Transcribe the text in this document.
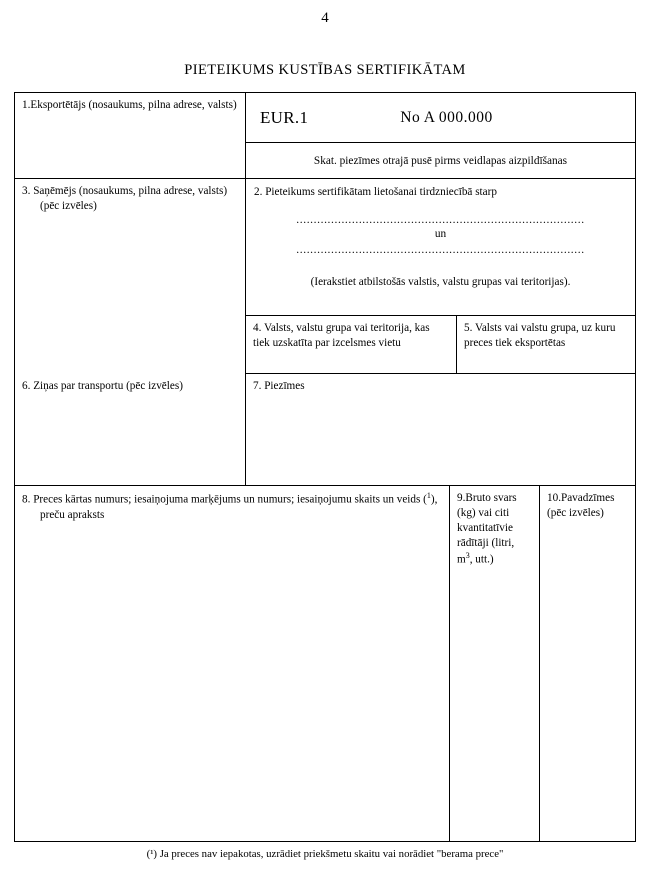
4
PIETEIKUMS KUSTĪBAS SERTIFIKĀTAM
1.Eksportētājs (nosaukums, pilna adrese, valsts)
3. Saņēmējs (nosaukums, pilna adrese, valsts)
(pēc izvēles)
EUR.1	No A 000.000
Skat. piezīmes otrajā pusē pirms veidlapas aizpildīšanas
2. Pieteikums sertifikātam lietošanai tirdzniecībā starp
...................................................................................
un
...................................................................................
(Ierakstiet atbilstošās valstis, valstu grupas vai teritorijas).
4. Valsts, valstu grupa vai teritorija, kas tiek uzskatīta par izcelsmes vietu
5. Valsts vai valstu grupa, uz kuru preces tiek eksportētas
6. Ziņas par transportu (pēc izvēles)	7. Piezīmes
8. Preces kārtas numurs; iesaiņojuma marķējums un numurs; iesaiņojumu skaits un veids ($^1$),
preču apraksts
9.Bruto svars
(kg) vai citi
kvantitatīvie
rādītāji (litri,
$m^3$, utt.)
10.Pavadzīmes
(pēc izvēles)
(¹) Ja preces nav iepakotas, uzrādiet priekšmetu skaitu vai norādiet "berama prece"
